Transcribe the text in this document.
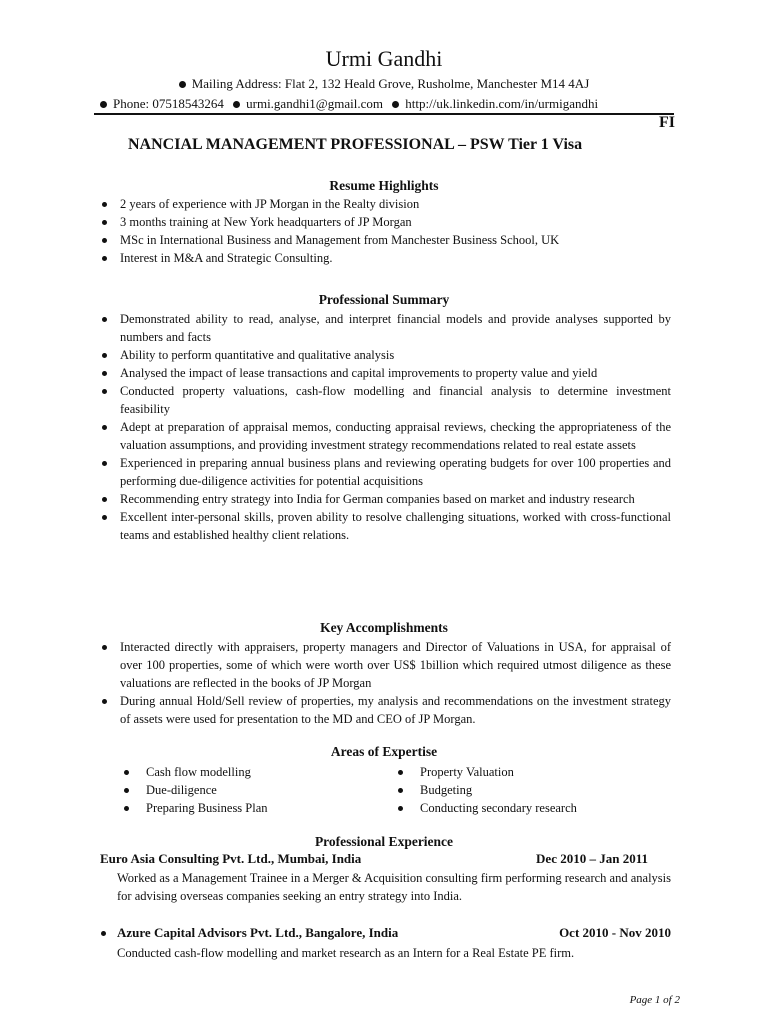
Urmi Gandhi
Mailing Address: Flat 2, 132 Heald Grove, Rusholme, Manchester M14 4AJ
Phone: 07518543264 urmi.gandhi1@gmail.com http://uk.linkedin.com/in/urmigandhi
FI
NANCIAL MANAGEMENT PROFESSIONAL – PSW Tier 1 Visa
Resume Highlights
2 years of experience with JP Morgan in the Realty division
3 months training at New York headquarters of JP Morgan
MSc in International Business and Management from Manchester Business School, UK
Interest in M&A and Strategic Consulting.
Professional Summary
Demonstrated ability to read, analyse, and interpret financial models and provide analyses supported by numbers and facts
Ability to perform quantitative and qualitative analysis
Analysed the impact of lease transactions and capital improvements to property value and yield
Conducted property valuations, cash-flow modelling and financial analysis to determine investment feasibility
Adept at preparation of appraisal memos, conducting appraisal reviews, checking the appropriateness of the valuation assumptions, and providing investment strategy recommendations related to real estate assets
Experienced in preparing annual business plans and reviewing operating budgets for over 100 properties and performing due-diligence activities for potential acquisitions
Recommending entry strategy into India for German companies based on market and industry research
Excellent inter-personal skills, proven ability to resolve challenging situations, worked with cross-functional teams and established healthy client relations.
Key Accomplishments
Interacted directly with appraisers, property managers and Director of Valuations in USA, for appraisal of over 100 properties, some of which were worth over US$ 1billion which required utmost diligence as these valuations are reflected in the books of JP Morgan
During annual Hold/Sell review of properties, my analysis and recommendations on the investment strategy of assets were used for presentation to the MD and CEO of JP Morgan.
Areas of Expertise
Cash flow modelling
Due-diligence
Preparing Business Plan
Property Valuation
Budgeting
Conducting secondary research
Professional Experience
Euro Asia Consulting Pvt. Ltd., Mumbai, India	Dec 2010 – Jan 2011
Worked as a Management Trainee in a Merger & Acquisition consulting firm performing research and analysis for advising overseas companies seeking an entry strategy into India.
Azure Capital Advisors Pvt. Ltd., Bangalore, India	Oct 2010 - Nov 2010
Conducted cash-flow modelling and market research as an Intern for a Real Estate PE firm.
Page 1 of 2
